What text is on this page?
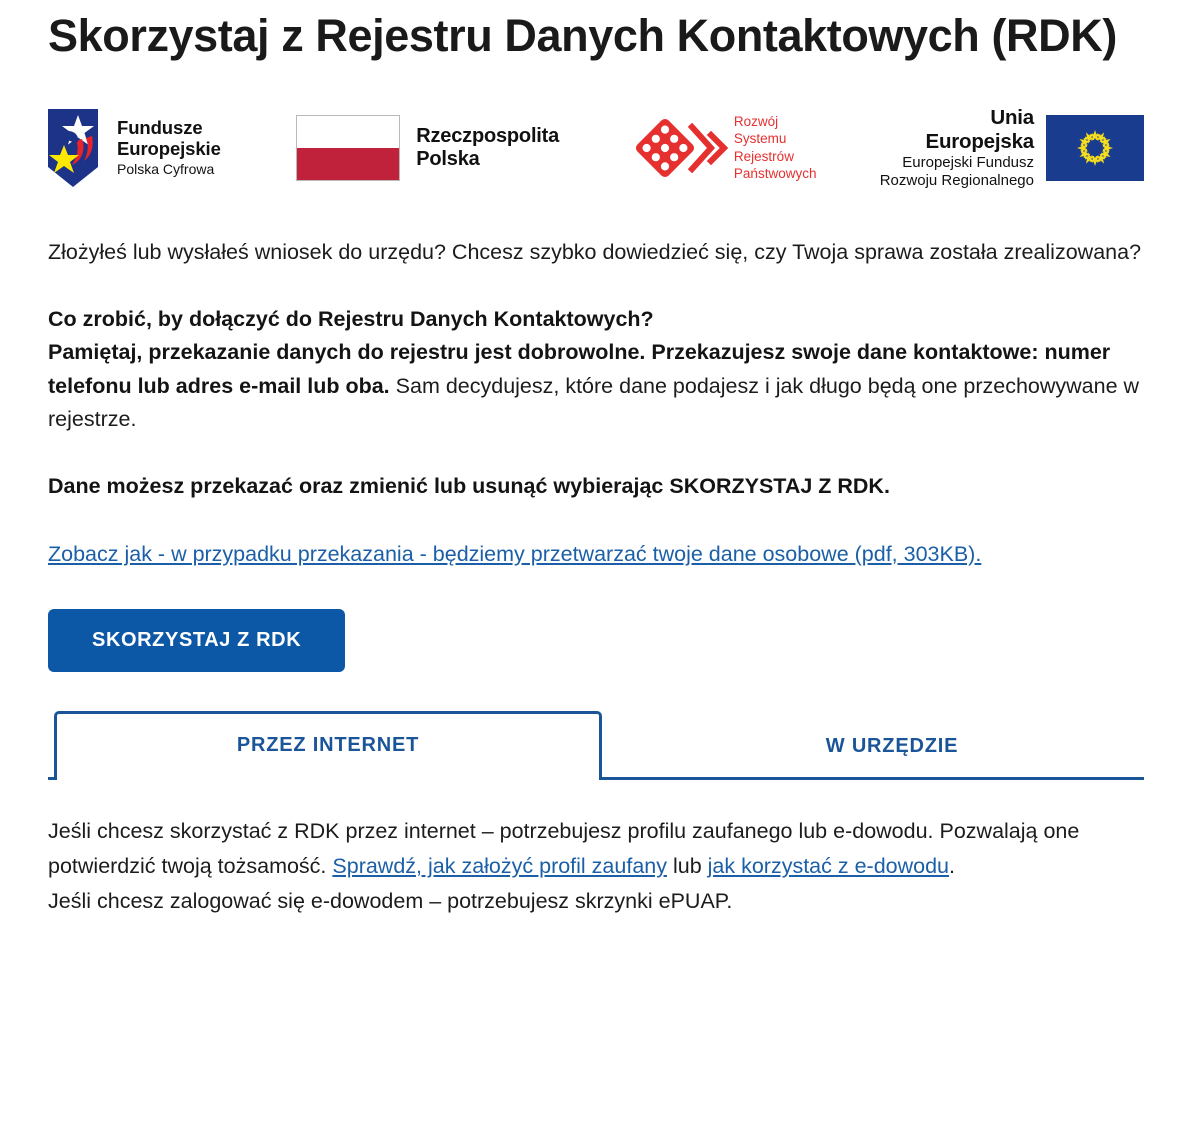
Skorzystaj z Rejestru Danych Kontaktowych (RDK)
Fundusze
Europejskie
Polska Cyfrowa
Rzeczpospolita
Polska
Rozwój
Systemu
Rejestrów
Państwowych
Unia Europejska
Europejski Fundusz
Rozwoju Regionalnego

Złożyłeś lub wysłałeś wniosek do urzędu? Chcesz szybko dowiedzieć się, czy Twoja sprawa została zrealizowana?

Co zrobić, by dołączyć do Rejestru Danych Kontaktowych?
Pamiętaj, przekazanie danych do rejestru jest dobrowolne. Przekazujesz swoje dane kontaktowe: numer telefonu lub adres e-mail lub oba. Sam decydujesz, które dane podajesz i jak długo będą one przechowywane w rejestrze.

Dane możesz przekazać oraz zmienić lub usunąć wybierając SKORZYSTAJ Z RDK.

Zobacz jak - w przypadku przekazania - będziemy przetwarzać twoje dane osobowe (pdf, 303KB).

SKORZYSTAJ Z RDK
PRZEZ INTERNET	W URZĘDZIE

Jeśli chcesz skorzystać z RDK przez internet – potrzebujesz profilu zaufanego lub e-dowodu. Pozwalają one potwierdzić twoją tożsamość. Sprawdź, jak założyć profil zaufany lub jak korzystać z e-dowodu.

Jeśli chcesz zalogować się e-dowodem – potrzebujesz skrzynki ePUAP.
